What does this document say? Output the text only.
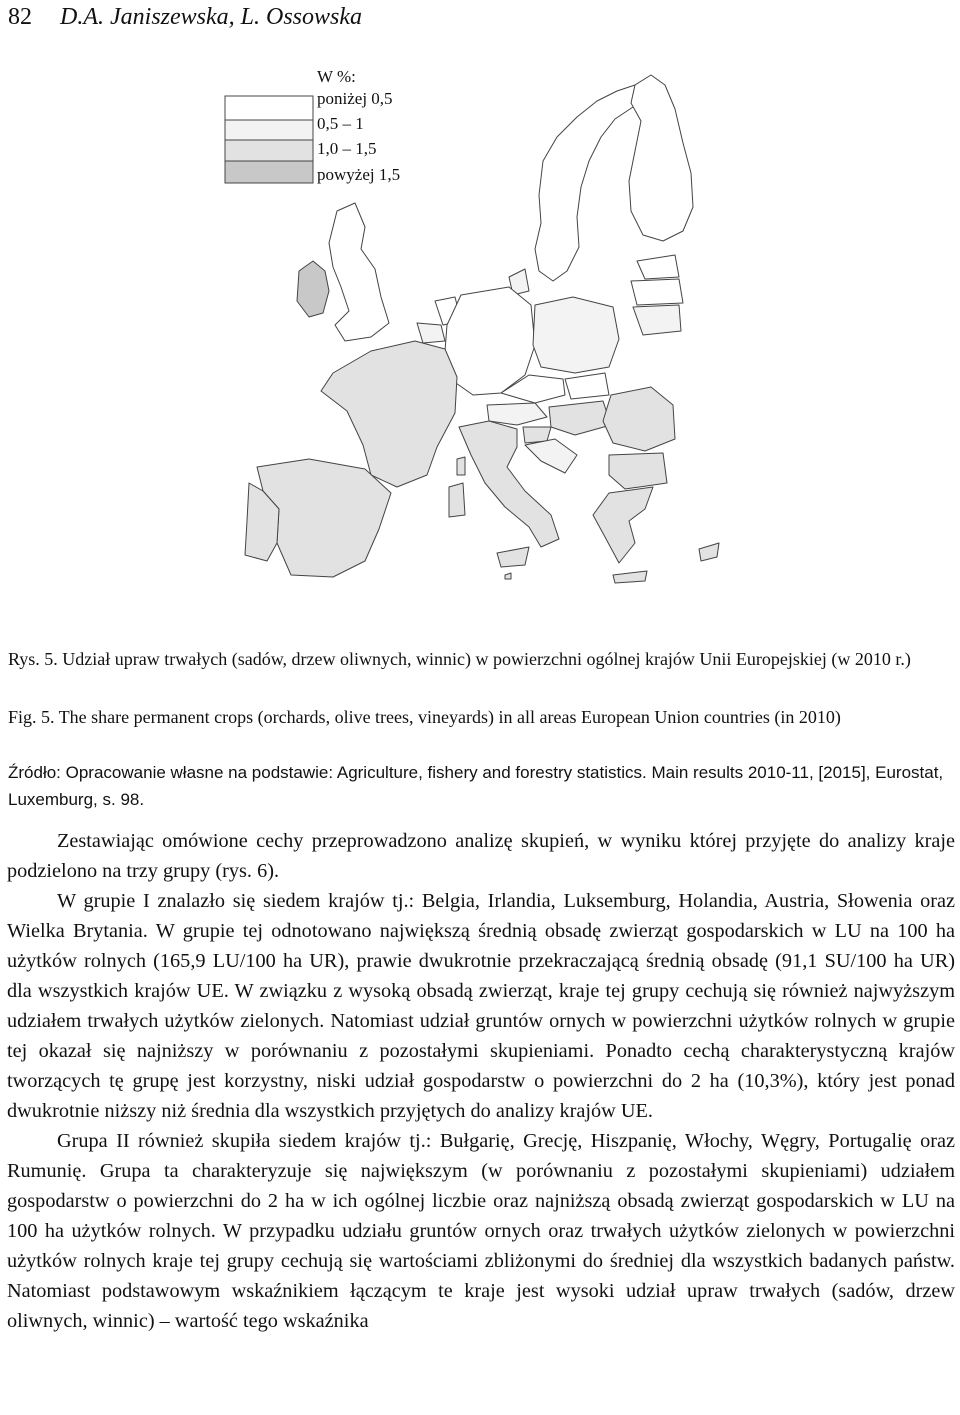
82 D.A. Janiszewska, L. Ossowska
W %:
poniżej 0,5
0,5 – 1
1,0 – 1,5
powyżej 1,5
Rys. 5. Udział upraw trwałych (sadów, drzew oliwnych, winnic) w powierzchni ogólnej krajów Unii Europejskiej (w 2010 r.)
Fig. 5. The share permanent crops (orchards, olive trees, vineyards) in all areas European Union countries (in 2010)
Źródło: Opracowanie własne na podstawie: Agriculture, fishery and forestry statistics. Main results 2010-11, [2015], Eurostat, Luxemburg, s. 98.

Zestawiając omówione cechy przeprowadzono analizę skupień, w wyniku której przyjęte do analizy kraje podzielono na trzy grupy (rys. 6).

W grupie I znalazło się siedem krajów tj.: Belgia, Irlandia, Luksemburg, Holandia, Austria, Słowenia oraz Wielka Brytania. W grupie tej odnotowano największą średnią obsadę zwierząt gospodarskich w LU na 100 ha użytków rolnych (165,9 LU/100 ha UR), prawie dwukrotnie przekraczającą średnią obsadę (91,1 SU/100 ha UR) dla wszystkich krajów UE. W związku z wysoką obsadą zwierząt, kraje tej grupy cechują się również najwyższym udziałem trwałych użytków zielonych. Natomiast udział gruntów ornych w powierzchni użytków rolnych w grupie tej okazał się najniższy w porównaniu z pozostałymi skupieniami. Ponadto cechą charakterystyczną krajów tworzących tę grupę jest korzystny, niski udział gospodarstw o powierzchni do 2 ha (10,3%), który jest ponad dwukrotnie niższy niż średnia dla wszystkich przyjętych do analizy krajów UE.

Grupa II również skupiła siedem krajów tj.: Bułgarię, Grecję, Hiszpanię, Włochy, Węgry, Portugalię oraz Rumunię. Grupa ta charakteryzuje się największym (w porównaniu z pozostałymi skupieniami) udziałem gospodarstw o powierzchni do 2 ha w ich ogólnej liczbie oraz najniższą obsadą zwierząt gospodarskich w LU na 100 ha użytków rolnych. W przypadku udziału gruntów ornych oraz trwałych użytków zielonych w powierzchni użytków rolnych kraje tej grupy cechują się wartościami zbliżonymi do średniej dla wszystkich badanych państw. Natomiast podstawowym wskaźnikiem łączącym te kraje jest wysoki udział upraw trwałych (sadów, drzew oliwnych, winnic) – wartość tego wskaźnika
